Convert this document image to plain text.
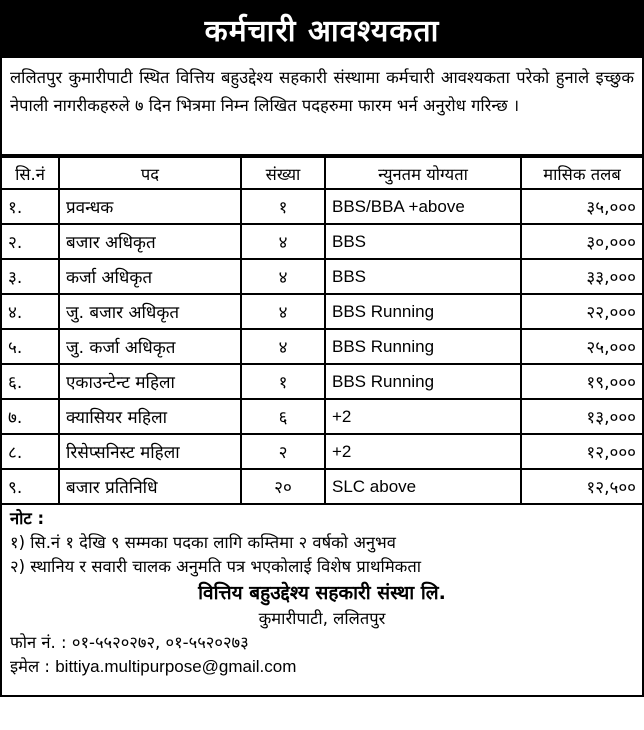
कर्मचारी आवश्यकता
ललितपुर कुमारीपाटी स्थित वित्तिय बहुउद्देश्य सहकारी संस्थामा कर्मचारी आवश्यकता परेको हुनाले इच्छुक नेपाली नागरीकहरुले ७ दिन भित्रमा निम्न लिखित पदहरुमा फारम भर्न अनुरोध गरिन्छ ।
सि.नं	पद	संख्या	न्युनतम योग्यता	मासिक तलब
१.	प्रवन्धक	१	BBS/BBA +above	३५,०००
२.	बजार अधिकृत	४	BBS	३०,०००
३.	कर्जा अधिकृत	४	BBS	३३,०००
४.	जु. बजार अधिकृत	४	BBS Running	२२,०००
५.	जु. कर्जा अधिकृत	४	BBS Running	२५,०००
६.	एकाउन्टेन्ट महिला	१	BBS Running	१९,०००
७.	क्यासियर महिला	६	+2	१३,०००
८.	रिसेप्सनिस्ट महिला	२	+2	१२,०००
९.	बजार प्रतिनिधि	२०	SLC above	१२,५००
नोट :
१) सि.नं १ देखि ९ सम्मका पदका लागि कम्तिमा २ वर्षको अनुभव
२) स्थानिय र सवारी चालक अनुमति पत्र भएकोलाई विशेष प्राथमिकता
वित्तिय बहुउद्देश्य सहकारी संस्था लि.
कुमारीपाटी, ललितपुर
फोन नं. : ०१-५५२०२७२, ०१-५५२०२७३
इमेल : bittiya.multipurpose@gmail.com
